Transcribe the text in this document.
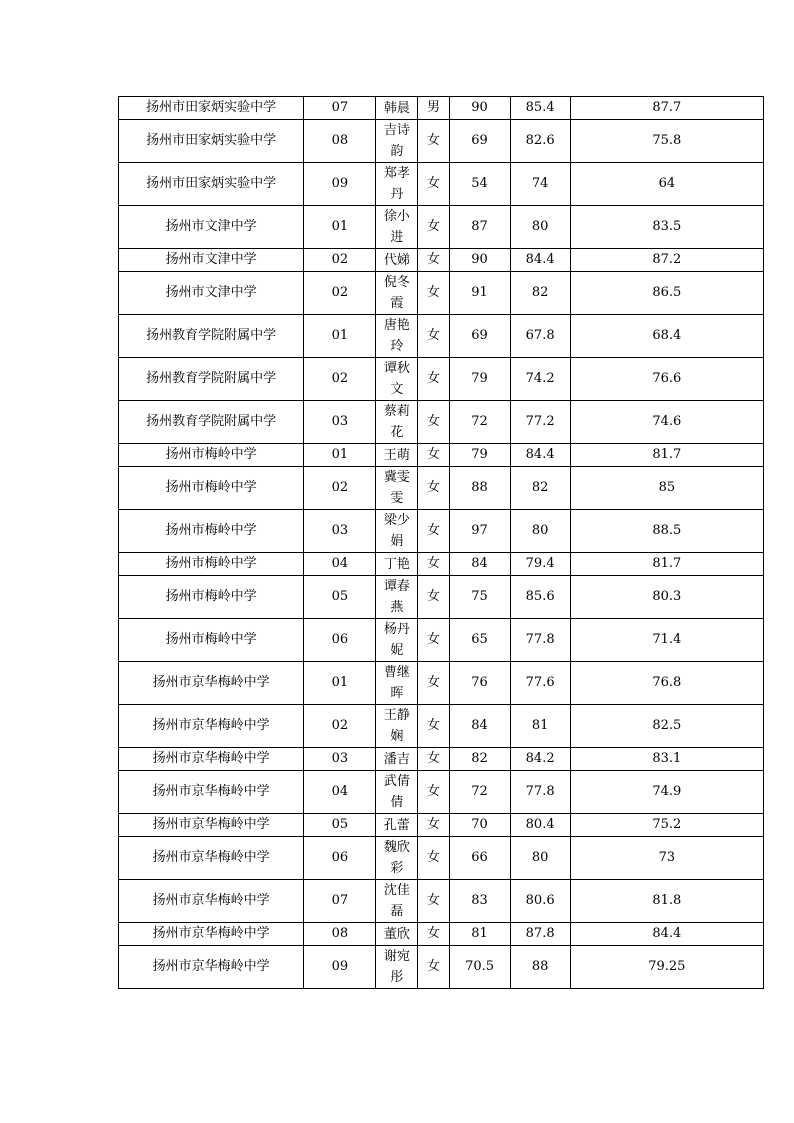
扬州市田家炳实验中学	07	韩晨	男	90	85.4	87.7
扬州市田家炳实验中学	08	吉诗韵	女	69	82.6	75.8
扬州市田家炳实验中学	09	郑孝丹	女	54	74	64
扬州市文津中学	01	徐小进	女	87	80	83.5
扬州市文津中学	02	代娣	女	90	84.4	87.2
扬州市文津中学	02	倪冬霞	女	91	82	86.5
扬州教育学院附属中学	01	唐艳玲	女	69	67.8	68.4
扬州教育学院附属中学	02	谭秋文	女	79	74.2	76.6
扬州教育学院附属中学	03	蔡莉花	女	72	77.2	74.6
扬州市梅岭中学	01	王萌	女	79	84.4	81.7
扬州市梅岭中学	02	冀雯雯	女	88	82	85
扬州市梅岭中学	03	梁少娟	女	97	80	88.5
扬州市梅岭中学	04	丁艳	女	84	79.4	81.7
扬州市梅岭中学	05	谭春燕	女	75	85.6	80.3
扬州市梅岭中学	06	杨丹妮	女	65	77.8	71.4
扬州市京华梅岭中学	01	曹继晖	女	76	77.6	76.8
扬州市京华梅岭中学	02	王静娴	女	84	81	82.5
扬州市京华梅岭中学	03	潘吉	女	82	84.2	83.1
扬州市京华梅岭中学	04	武倩倩	女	72	77.8	74.9
扬州市京华梅岭中学	05	孔蕾	女	70	80.4	75.2
扬州市京华梅岭中学	06	魏欣彩	女	66	80	73
扬州市京华梅岭中学	07	沈佳磊	女	83	80.6	81.8
扬州市京华梅岭中学	08	董欣	女	81	87.8	84.4
扬州市京华梅岭中学	09	谢宛彤	女	70.5	88	79.25
